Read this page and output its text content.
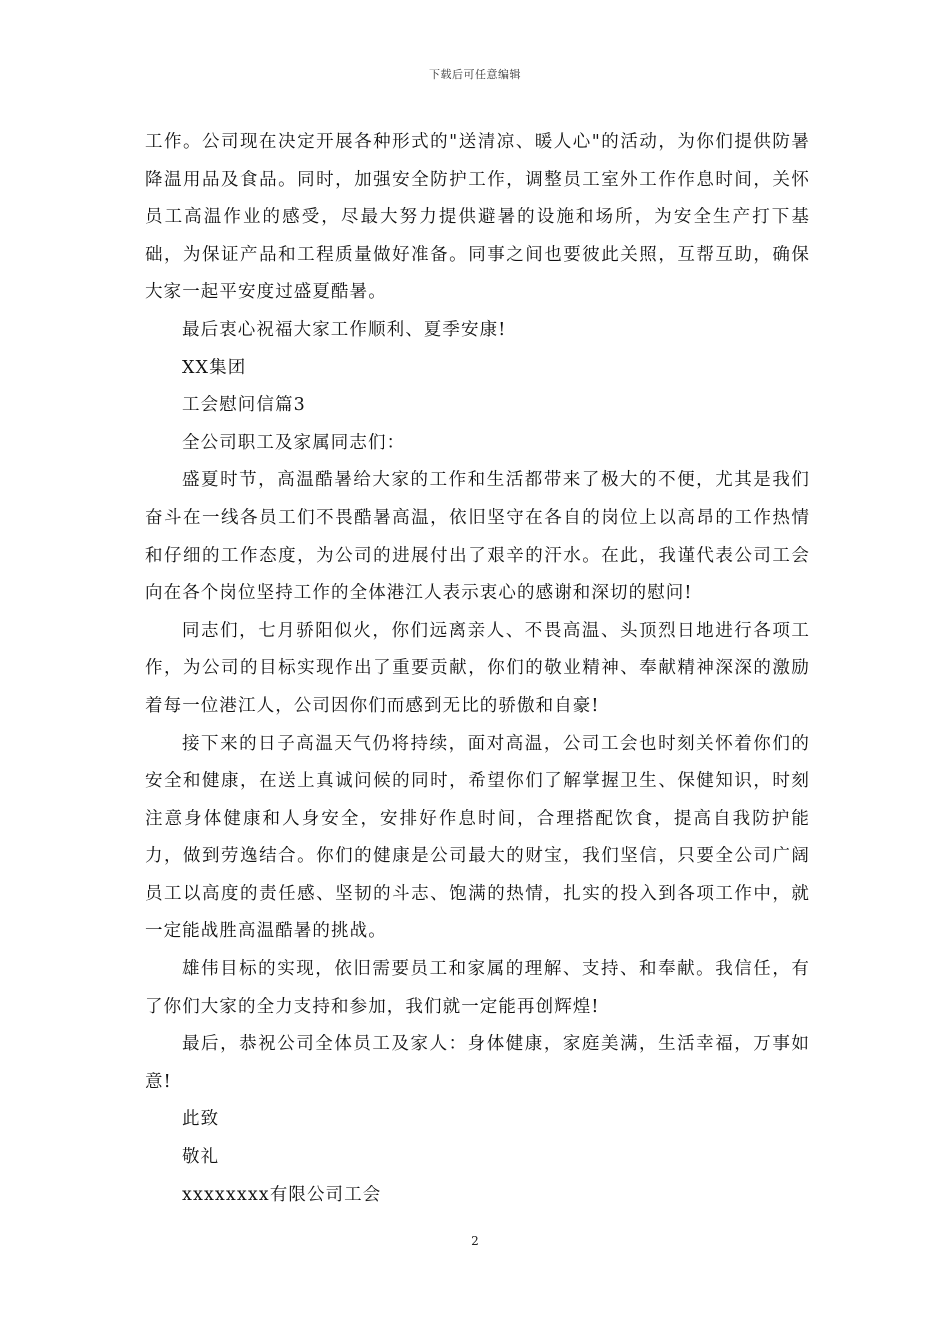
下载后可任意编辑

工作。公司现在决定开展各种形式的"送清凉、暖人心"的活动，为你们提供防暑降温用品及食品。同时，加强安全防护工作，调整员工室外工作作息时间，关怀员工高温作业的感受，尽最大努力提供避暑的设施和场所，为安全生产打下基础，为保证产品和工程质量做好准备。同事之间也要彼此关照，互帮互助，确保大家一起平安度过盛夏酷暑。

最后衷心祝福大家工作顺利、夏季安康!

XX集团

工会慰问信篇3

全公司职工及家属同志们：

盛夏时节，高温酷暑给大家的工作和生活都带来了极大的不便，尤其是我们奋斗在一线各员工们不畏酷暑高温，依旧坚守在各自的岗位上以高昂的工作热情和仔细的工作态度，为公司的进展付出了艰辛的汗水。在此，我谨代表公司工会向在各个岗位坚持工作的全体港江人表示衷心的感谢和深切的慰问!

同志们，七月骄阳似火，你们远离亲人、不畏高温、头顶烈日地进行各项工作，为公司的目标实现作出了重要贡献，你们的敬业精神、奉献精神深深的激励着每一位港江人，公司因你们而感到无比的骄傲和自豪!

接下来的日子高温天气仍将持续，面对高温，公司工会也时刻关怀着你们的安全和健康，在送上真诚问候的同时，希望你们了解掌握卫生、保健知识，时刻注意身体健康和人身安全，安排好作息时间，合理搭配饮食，提高自我防护能力，做到劳逸结合。你们的健康是公司最大的财宝，我们坚信，只要全公司广阔员工以高度的责任感、坚韧的斗志、饱满的热情，扎实的投入到各项工作中，就一定能战胜高温酷暑的挑战。

雄伟目标的实现，依旧需要员工和家属的理解、支持、和奉献。我信任，有了你们大家的全力支持和参加，我们就一定能再创辉煌!

最后，恭祝公司全体员工及家人：身体健康，家庭美满，生活幸福，万事如意!

此致

敬礼

xxxxxxxx有限公司工会

2
